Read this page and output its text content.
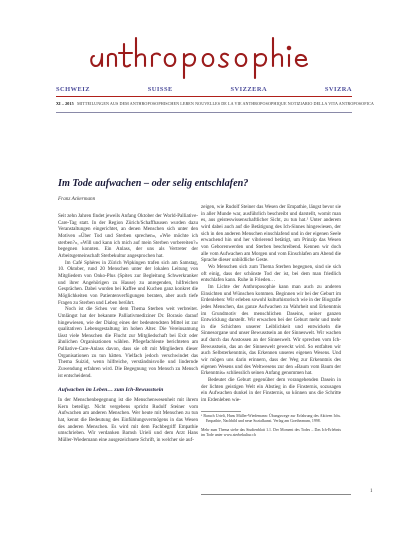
SCHWEIZ	SUISSE	SVIZZERA	SVIZRA
XI – 2015 MITTEILUNGEN AUS DEM ANTHROPOSOPHISCHEN LEBEN NOUVELLES DE LA VIE ANTHROPOSOPHIQUE NOTIZIARIO DELLA VITA ANTROPOSOFICA
Im Tode aufwachen – oder selig entschlafen?
Franz Ackermann

Seit zehn Jahren findet jeweils Anfang Oktober der World-Palliative-Care-Tag statt. In der Region Zürich/Schaffhausen wurden dazu Veranstaltungen eingerichtet, an denen Menschen sich unter den Motiven «Über Tod und Sterben sprechen», «Wie möchte ich sterben?», «Will und kann ich mich auf mein Sterben vorbereiten?» begegnen konnten. Ein Anlass, der uns als Vertreter der Arbeitsgemeinschaft Sterbekultur angesprochen hat.

Im Café Sphères in Zürich Wipkingen trafen sich am Samstag, 10. Oktober, rund 20 Menschen unter der lokalen Leitung von Mitgliedern von Onko-Plus (Spitex zur Begleitung Schwerkranker und ihrer Angehörigen zu Hause) zu anregenden, hilfreichen Gesprächen. Dabei wurden bei Kaffee und Kuchen ganz konkret die Möglichkeiten von Patientenverfügungen beraten, aber auch tiefe Fragen zu Sterben und Leben berührt.

Noch ist die Scheu vor dem Thema Sterben weit verbreitet. Umlängst hat der bekannte Palliativmediziner Dr. Borasio darauf hingewiesen, wie der Dialog eines der bedeutendsten Mittel ist zur qualitativen Lebensgestaltung im hohen Alter. Die Vereinsamung lässt viele Menschen die Flucht zur Mitgliedschaft bei Exit oder ähnlichen Organisationen wählen. Pflegefachleute berichteten am Palliative-Care-Anlass davon, dass sie oft mit Mitgliedern dieser Organisationen zu tun hätten. Vielfach jedoch verschwindet das Thema Suizid, wenn hilfreiche, verständnisvolle und lindernde Zuwendung erfahren wird. Die Begegnung von Mensch zu Mensch ist entscheidend.

Aufwachen im Leben… zum Ich-Bewusstsein

In der Menschenbegegnung ist die Menschenwesenheit mit ihrem Kern beteiligt. Nicht vergebens spricht Rudolf Steiner vom Aufwachen am anderen Menschen. Wer heute mit Menschen zu tun hat, kennt die Bedeutung des Einfühlungsvermögens in das Wesen des anderen Menschen. Es wird mit dem Fachbegriff Empathie umschrieben. Wir verdanken Barnsh Urieli und dem Arzt Hans Müller-Wiedemann eine ausgezeichnete Schrift, in welcher sie auf-

zeigen, wie Rudolf Steiner das Wesen der Empathie, längst bevor sie in aller Munde war, ausführlich beschreibt und darstellt, womit man es, aus geisteswissenschaftlicher Sicht, zu tun hat.¹ Unter anderem wird dabei auch auf die Betätigung des Ich-Sinnes hingewiesen, der sich in den anderen Menschen einschlafend und in der eigenen Seele erwachend hin und her vibrierend betätigt, um Prinzip das Wesen von Geborenwerden und Sterben beschreibend. Kennen wir doch alle vom Aufwachen am Morgen und vom Einschlafen am Abend die Sprache dieser unbildliche Geste.

Wo Menschen sich zum Thema Sterben begegnen, sind sie sich oft einig, dass der schönste Tod der ist, bei dem man friedlich entschlafen kann. Ruhe in Frieden…

Im Lichte der Anthroposophie kann man auch zu anderen Einsichten und Wünschen kommen. Beginnen wir bei der Geburt im Erdenleben: Wir erleben sowohl kulturhistorisch wie in der Biografie jedes Menschen, das ganze Aufwachen zu Wahrheit und Erkenntnis im Grundmotiv des menschlichen Daseins, seiner ganzen Entwicklung darstellt. Wir erwachen bei der Geburt mehr und mehr in die Schichten unserer Leiblichkeit und entwickeln die Sinnesorgane und unser Bewusstsein an der Sinneswelt. Wir wachen auf durch das Anstossen an der Sinneswelt. Wir sprechen vom Ich-Bewusstsein, das an der Sinneswelt geweckt wird. So entfalten wir auch Selbsterkenntnis, das Erkennen unseres eigenen Wesens. Und wir mögen uns darin erinnern, dass der Weg zur Erkenntnis des eigenen Wesens und des Weltwesens zur den «Baum vom Baum der Erkenntnis» schliesslich seinen Anfang genommen hat.

Bedeutet die Geburt gegenüber dem vorangehenden Dasein in der lichten geistigen Welt ein Abstieg in die Finsternis, sozusagen ein Aufwachen dunkel in der Finsternis, so können uns die Schritte im Erdenleben wie-

¹ Baruch Urieli, Hans Müller-Wiedemann: Übungswege zur Erfahrung des Aktiven Ichs. Empathie, Nachbild und neue Sozialkunst. Verlag am Goetheanum, 1998.

Mehr zum Thema siehe das Studienblatt 1.1. Der Moment des Todes – Das Ich-Erlebnis im Tode unter www.sterbekultur.ch

1
